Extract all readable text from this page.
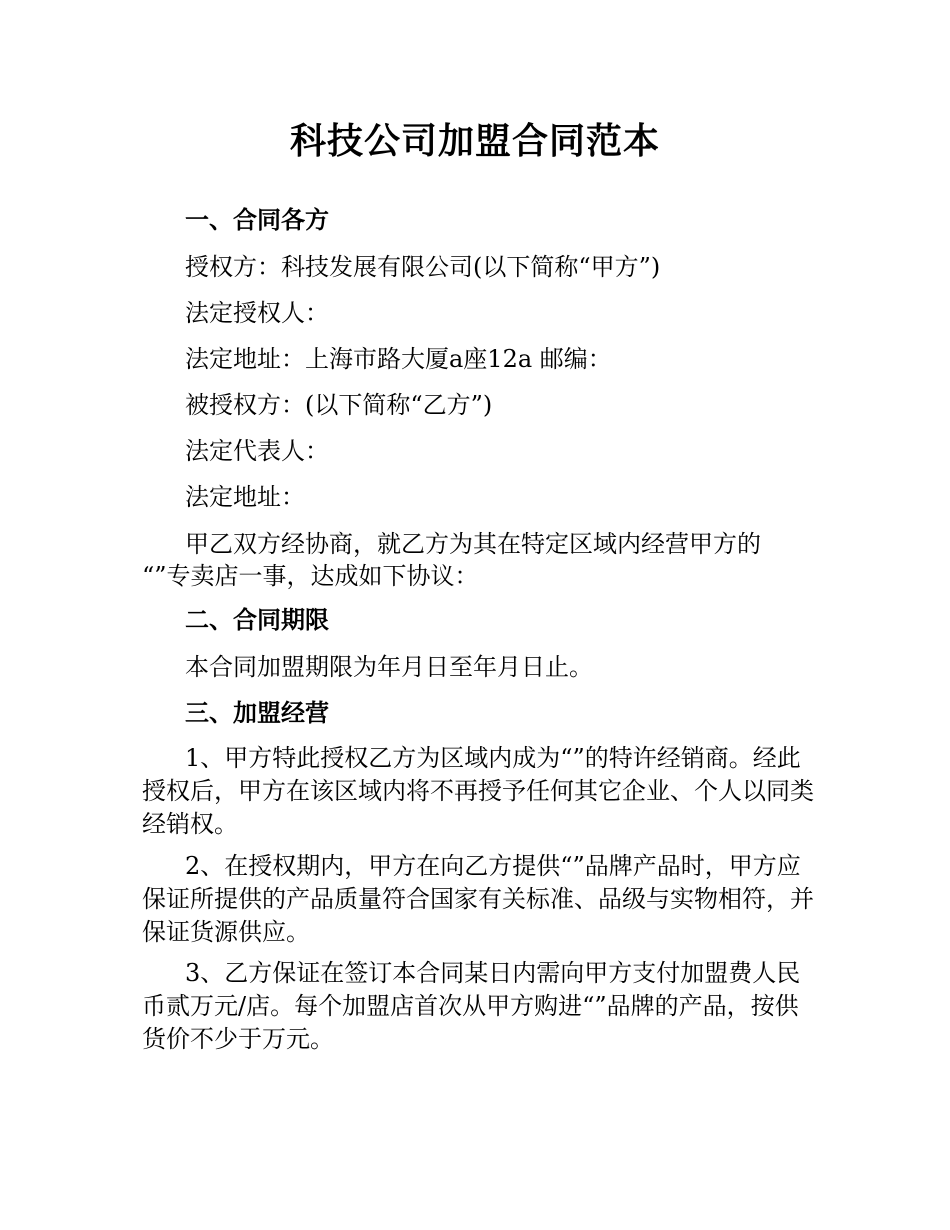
科技公司加盟合同范本

一、合同各方

授权方：科技发展有限公司(以下简称“甲方”)

法定授权人：

法定地址：上海市路大厦a座12a 邮编：

被授权方：(以下简称“乙方”)

法定代表人：

法定地址：

甲乙双方经协商，就乙方为其在特定区域内经营甲方的

“”专卖店一事，达成如下协议：

二、合同期限

本合同加盟期限为年月日至年月日止。

三、加盟经营

1、甲方特此授权乙方为区域内成为“”的特许经销商。经此授权后，甲方在该区域内将不再授予任何其它企业、个人以同类经销权。

2、在授权期内，甲方在向乙方提供“”品牌产品时，甲方应保证所提供的产品质量符合国家有关标准、品级与实物相符，并保证货源供应。

3、乙方保证在签订本合同某日内需向甲方支付加盟费人民币贰万元/店。每个加盟店首次从甲方购进“”品牌的产品，按供货价不少于万元。
